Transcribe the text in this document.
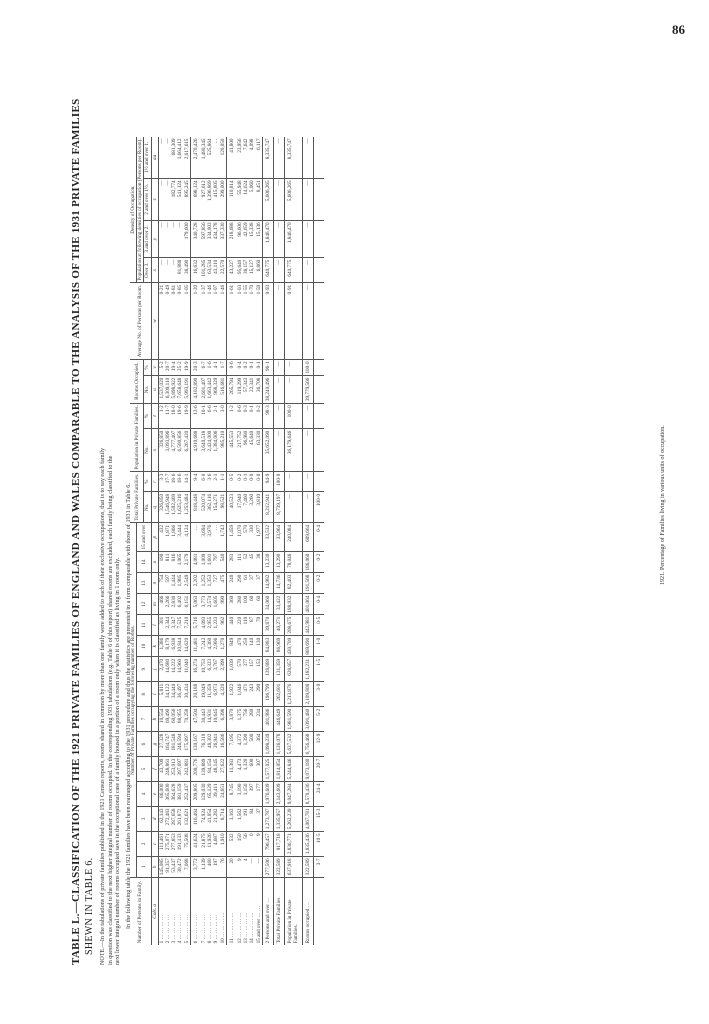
86
TABLE L.—CLASSIFICATION OF THE 1921 PRIVATE FAMILIES OF ENGLAND AND WALES COMPARABLE TO THE ANALYSIS OF THE 1931 PRIVATE FAMILIES SHEWN IN TABLE 6. NOTE.—In the tabulations of private families published in the 1921 Census reports, rooms shared in common by more than one family were added to each of their exclusive occupations, that is to say each family in question was classified to the next higher integral number of rooms occupied. In the corresponding 1931 tabulations (e.g. Table 6 of this report) shared rooms are excluded, each family being classified to the next lower integral number of rooms occupied save in the exceptional case of a family housed in a portion of a room only when it is classified as living in 1 room only. In the following table the 1921 families have been rearranged according to the 1931 procedure and thus the statistics are presented in a form comparable with those of 1931 in Table 6.	Number of Persons in Family.	Number of Private Families occupying the following number of Rooms.															Total Private Families.		Population in Private Families.		Rooms Occupied.		Average No. of Persons per Room.	Density of Occupation.			
	1	2	3	4	5	6	7	8	9	10	11	12	13	14	15 and over								Population at following densities of occupation (Persons per Room).			
																No.	%	No.	%	No.	%		Over 3.	3 and over 2.	2 and over 1½.	1½ and over 1.
Cols. a	b	c	d	e	f	g	h	i	j	k	l	m	n	o	p	q	r	s	t	u	v	w	x	y	z	aa
1 … … … …	145,085	111,461	62,143	86,000	43,709	27,328	10,554	5,811	2,470	1,386	301	466	754	190	432	326,850	3·3	326,850	1·2	1,537,020	5·2	0·21	—	—	—	—
2 … … … …	91,357	275,071	272,483	365,600	248,861	164,747	69,490	34,122	14,680	8,179	2,344	2,266	597	811	1,871	1,546,948	17·7	3,093,896	11·7	6,309,110	20·7	0·49	—	—	—	—
3 … … … …	53,437	277,853	287,658	364,628	253,913	181,548	60,056	34,440	14,222	6,938	3,347	2,830	1,444	816	1,866	1,592,469	18·6	4,777,407	18·0	5,898,922	19·4	0·81	—	—	182,774	681,309
4 … … … …	30,472	191,133	261,872	381,159	397,697	246,594	88,955	36,497	14,960	10,844	7,525	6,402	1,985	1,065	3,444	1,625,216	18·6	6,500,856	19·6	7,658,648	25·2	0·85	81,888	—	541,124	1,664,412
5 … … … …	7,068	75,508	132,621	252,437	242,881	175,897	70,258	30,434	11,040	14,620	7,210	6,151	2,549	2,179	4,124	1,253,484	14·1	6,267,420	19·9	5,993,191	19·9	1·05	38,490	179,600	895,245	2,617,615
6 … … … …	3,772	41,624	116,464	209,805	200,776	130,167	47,504	20,188	16,274	11,481	5,716	5,063	2,202	4,081	…	818,448	9·4	4,910,688	13·6	4,102,890	20·3	1·20	16,632	340,728	698,124	2,470,426
7 … … … …	1,139	21,875	74,924	129,030	139,889	76,310	30,443	19,049	10,753	7,242	4,093	3,773	1,252	1,009	3,694	520,074	6·0	3,640,518	10·1	2,601,407	6·7	1·37	101,285	597,856	927,612	1,480,345
8 … … … …	460	11,926	41,054	65,129	84,154	48,302	14,931	11,359	6,323	4,360	2,955	2,574	1,353	1,601	3,976	362,116	3·6	2,424,000	6·6	1,663,442	1·6	1·46	63,534	334,003	1,396,869	525,864
9 … … … …	197	4,687	21,282	39,411	48,145	26,941	10,645	6,973	3,767	2,906	1,233	1,605	727	797	…	154,271	2·1	1,384,006	2·1	968,329	4·1	1·07	43,110	434,178	415,805	…
10 … … … …	76	1,910	8,714	24,651	27,622	16,586	6,398	4,320	2,399	1,270	962	990	475	540	1,743	98,521	1·1	985,210	3·0	516,681	1·7	1·46	22,570	337,330	299,000	120,050
11 … … … …	20	532	3,163	8,745	11,383	7,195	3,870	1,922	1,039	849	440	360	240	283	1,459	40,523	0·5	445,553	1·2	265,794	0·6	1·61	43,227	218,688	110,814	41,800
12 … … … …	9	150	1,562	3,190	4,473	4,372	1,375	1,046	570	470	220	280	290	111	1,070	17,940	0·2	217,752	0·6	119,299	0·4	1·03	95,640	96,606	55,948	23,956
13 … … … …	4	56	191	1,150	1,320	1,390	756	471	377	250	110	100	61	52	570	7,460	0·1	96,980	0·3	57,343	0·2	1·55	38,157	42,659	14,624	7,642
14 … … … …	—	0	84	397	600	500	280	243	157	140	87	60	37	45	330	3,260	0·0	45,640	0·1	22,341	0·1	1·70	15,127	15,338	5,060	4,098
15 and over … …	—	9	37	177	307	364	234	290	153	130	70	60	37	38	1,977	3,810	0·0	63,330	0·2	36,708	0·1	1·59	6,860	15,136	8,451	6,117
2 Persons and over …	277,506	796,457	1,273,787	1,976,609	1,577,025	1,098,239	401,986	196,799	128,889	84,883	39,870	34,060	14,982	13,230	33,532	8,212,941	94·9	35,652,090	98·3	38,240,496	96·1	0·93	640,775	1,846,470	5,606,265	8,335,747
Total Private Families	322,589	917,718	1,335,957	2,143,609	1,814,054	1,126,078	446,649	262,601	131,359	86,969	40,271	33,422	14,736	13,290	33,964	8,739,197	100·0	—	—	—	—	—	—	—	—	—
Population in Private Families.	637,918	2,836,771	5,262,239	9,047,284	5,244,846	5,637,532	1,981,590	1,213,876	628,857	430,709	208,675	188,932	82,403	78,048	240,084	—	—	36,179,646	100·0	—	—	0·91	640,775	1,846,470	5,606,265	8,335,747
Rooms occupied …	322,589	1,835,436	4,067,781	8,570,436	9,073,180	6,756,468	3,091,480	2,109,808	1,182,231	869,690	442,981	401,064	191,568	186,060	609,664	—	—	—	—	39,779,566	100·0	—	—	—	—	—
	3·7	10·5	15·3	24·4	20·7	12·9	5·2	3·0	1·5	1·0	0·5	0·4	0·2	0·2	0·4	100·0											1921. Percentage of Families living in various units of occupation.
